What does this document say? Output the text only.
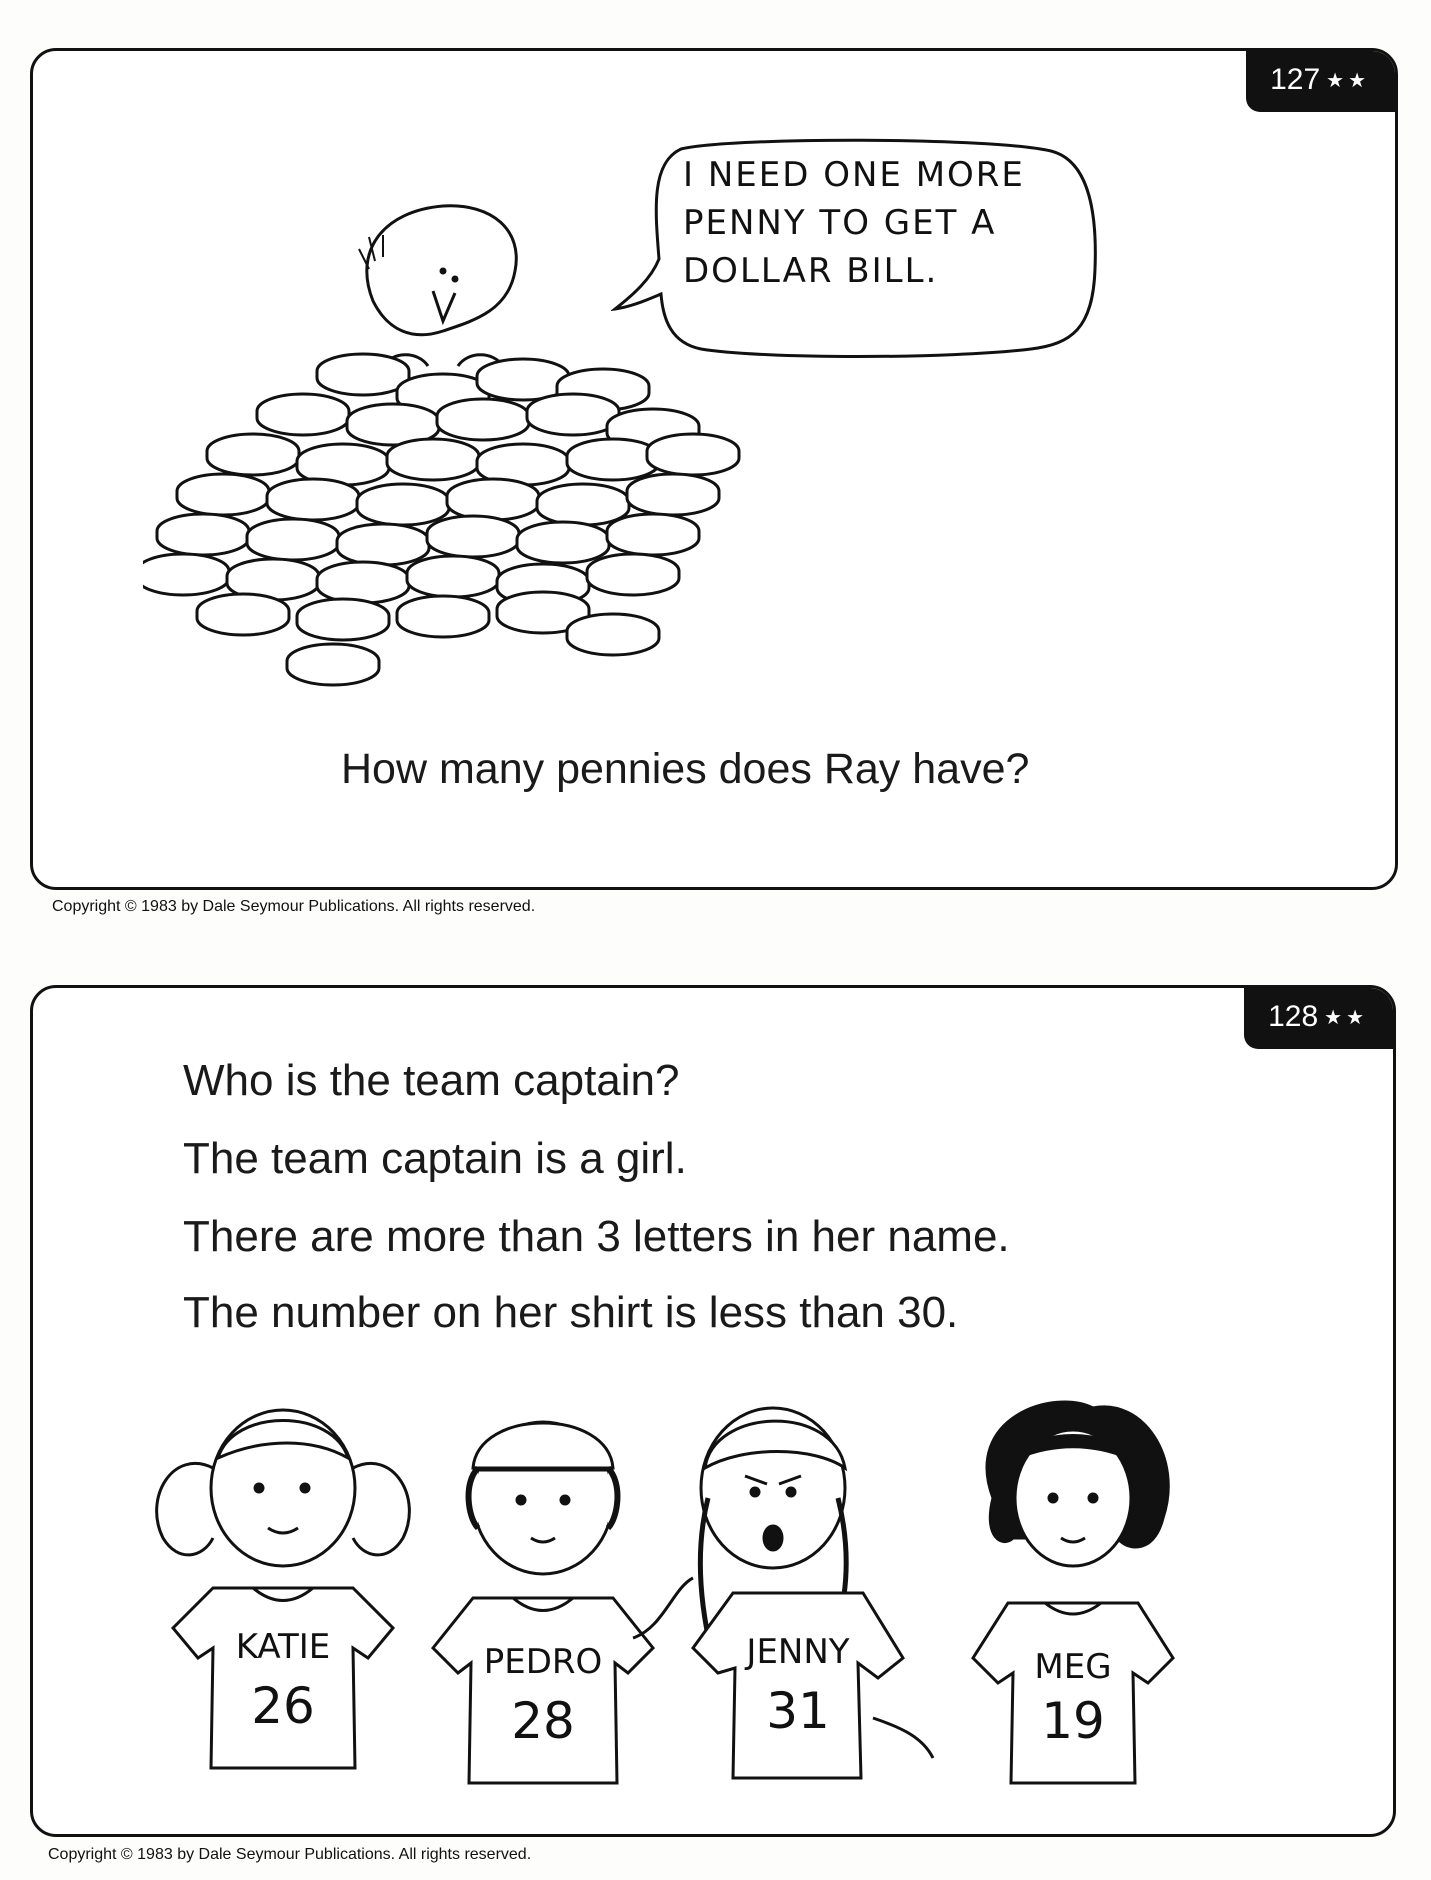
127 ★★
I NEED ONE MORE
PENNY TO GET A
DOLLAR BILL.
How many pennies does Ray have?
Copyright © 1983 by Dale Seymour Publications. All rights reserved.
128 ★★
Who is the team captain?
The team captain is a girl.
There are more than 3 letters in her name.
The number on her shirt is less than 30.
KATIE
26
PEDRO
28
JENNY
31
MEG
19
Copyright © 1983 by Dale Seymour Publications. All rights reserved.
